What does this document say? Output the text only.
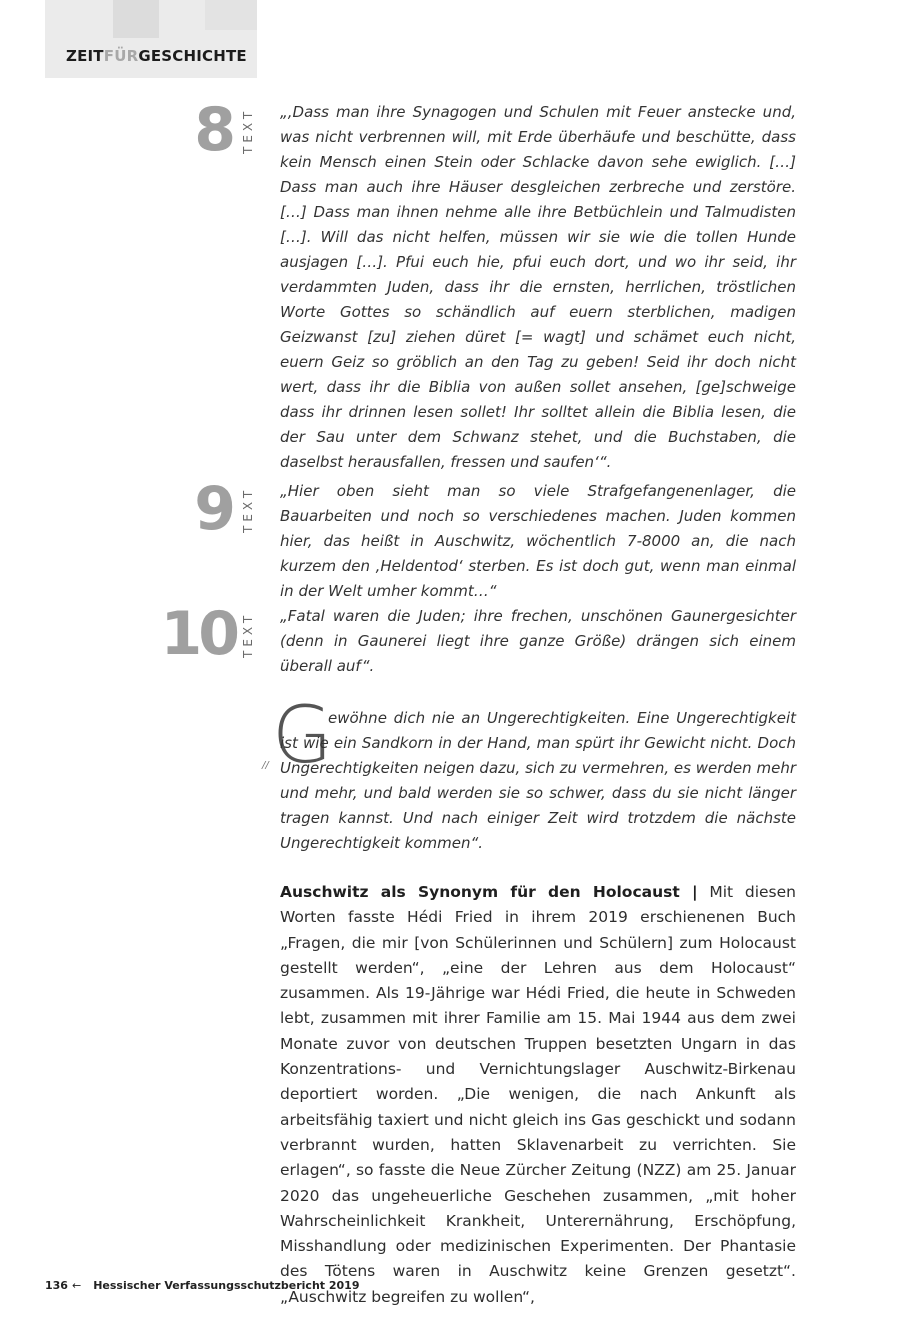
ZEITFÜRGESCHICHTE
8 TEXT „‚Dass man ihre Synagogen und Schulen mit Feuer anstecke und, was nicht verbrennen will, mit Erde überhäufe und beschütte, dass kein Mensch einen Stein oder Schlacke davon sehe ewiglich. […] Dass man auch ihre Häuser desgleichen zerbreche und zerstöre. […] Dass man ihnen nehme alle ihre Betbüchlein und Talmudisten […]. Will das nicht helfen, müssen wir sie wie die tollen Hunde ausjagen […]. Pfui euch hie, pfui euch dort, und wo ihr seid, ihr verdammten Juden, dass ihr die ernsten, herrlichen, tröstlichen Worte Gottes so schändlich auf euern sterblichen, madigen Geizwanst [zu] ziehen düret [= wagt] und schämet euch nicht, euern Geiz so gröblich an den Tag zu geben! Seid ihr doch nicht wert, dass ihr die Biblia von außen sollet ansehen, [ge]schweige dass ihr drinnen lesen sollet! Ihr solltet allein die Biblia lesen, die der Sau unter dem Schwanz stehet, und die Buchstaben, die daselbst herausfallen, fressen und saufen‘“.

9 TEXT „Hier oben sieht man so viele Strafgefangenenlager, die Bauarbeiten und noch so verschiedenes machen. Juden kommen hier, das heißt in Auschwitz, wöchentlich 7-8000 an, die nach kurzem den ‚Heldentod‘ sterben. Es ist doch gut, wenn man einmal in der Welt umher kommt…“

10 TEXT „Fatal waren die Juden; ihre frechen, unschönen Gaunergesichter (denn in Gaunerei liegt ihre ganze Größe) drängen sich einem überall auf“.

// G

ewöhne dich nie an Ungerechtigkeiten. Eine Ungerechtigkeit ist wie ein Sandkorn in der Hand, man spürt ihr Gewicht nicht. Doch Ungerechtigkeiten neigen dazu, sich zu vermehren, es werden mehr und mehr, und bald werden sie so schwer, dass du sie nicht länger tragen kannst. Und nach einiger Zeit wird trotzdem die nächste Ungerechtigkeit kommen“.

Auschwitz als Synonym für den Holocaust | Mit diesen Worten fasste Hédi Fried in ihrem 2019 erschienenen Buch „Fragen, die mir [von Schülerinnen und Schülern] zum Holocaust gestellt werden“, „eine der Lehren aus dem Holocaust“ zusammen. Als 19-Jährige war Hédi Fried, die heute in Schweden lebt, zusammen mit ihrer Familie am 15. Mai 1944 aus dem zwei Monate zuvor von deutschen Truppen besetzten Ungarn in das Konzentrations- und Vernichtungslager Auschwitz-Birkenau deportiert worden. „Die wenigen, die nach Ankunft als arbeitsfähig taxiert und nicht gleich ins Gas geschickt und sodann verbrannt wurden, hatten Sklavenarbeit zu verrichten. Sie erlagen“, so fasste die Neue Zürcher Zeitung (NZZ) am 25. Januar 2020 das ungeheuerliche Geschehen zusammen, „mit hoher Wahrscheinlichkeit Krankheit, Unterernährung, Erschöpfung, Misshandlung oder medizinischen Experimenten. Der Phantasie des Tötens waren in Auschwitz keine Grenzen gesetzt“. „Auschwitz begreifen zu wollen“,

136 ← Hessischer Verfassungsschutzbericht 2019
